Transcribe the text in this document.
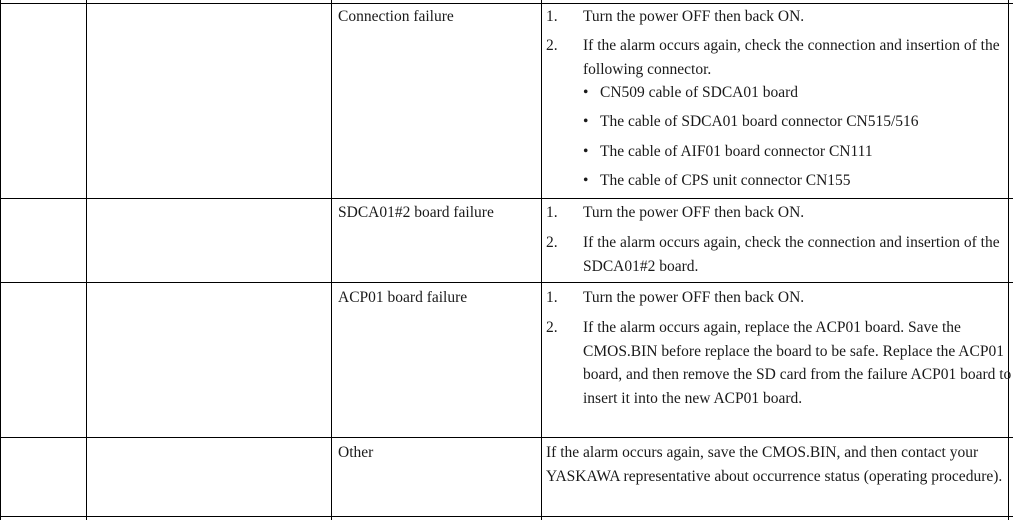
Connection failure	1. Turn the power OFF then back ON.
2. If the alarm occurs again, check the connection and insertion of the following connector.
• CN509 cable of SDCA01 board
• The cable of SDCA01 board connector CN515/516
• The cable of AIF01 board connector CN111
• The cable of CPS unit connector CN155
SDCA01#2 board failure	1. Turn the power OFF then back ON.
2. If the alarm occurs again, check the connection and insertion of the SDCA01#2 board.
ACP01 board failure	1. Turn the power OFF then back ON.
2. If the alarm occurs again, replace the ACP01 board. Save the CMOS.BIN before replace the board to be safe. Replace the ACP01 board, and then remove the SD card from the failure ACP01 board to insert it into the new ACP01 board.
Other	If the alarm occurs again, save the CMOS.BIN, and then contact your YASKAWA representative about occurrence status (operating procedure).
